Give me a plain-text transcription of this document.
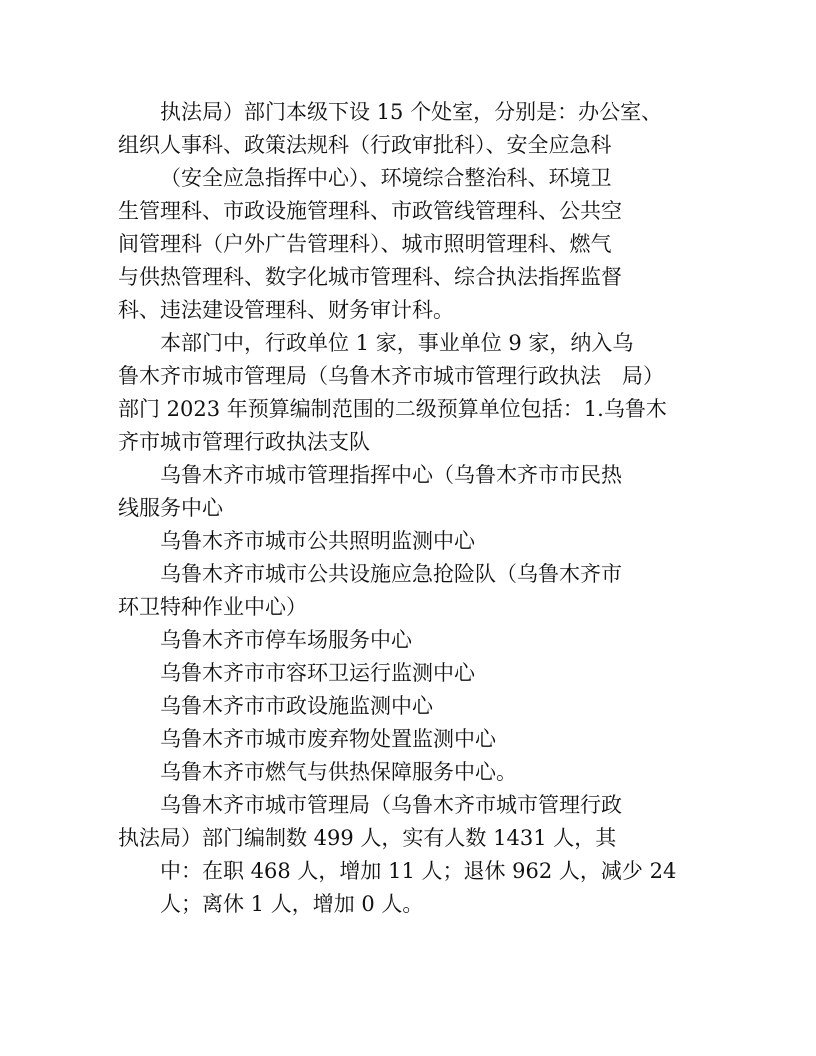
执法局）部门本级下设 15 个处室，分别是：办公室、
组织人事科、政策法规科（行政审批科）、安全应急科
（安全应急指挥中心）、环境综合整治科、环境卫
生管理科、市政设施管理科、市政管线管理科、公共空
间管理科（户外广告管理科）、城市照明管理科、燃气
与供热管理科、数字化城市管理科、综合执法指挥监督
科、违法建设管理科、财务审计科。
本部门中，行政单位 1 家，事业单位 9 家，纳入乌
鲁木齐市城市管理局（乌鲁木齐市城市管理行政执法　局）
部门 2023 年预算编制范围的二级预算单位包括：1.乌鲁木
齐市城市管理行政执法支队
乌鲁木齐市城市管理指挥中心（乌鲁木齐市市民热
线服务中心
乌鲁木齐市城市公共照明监测中心
乌鲁木齐市城市公共设施应急抢险队（乌鲁木齐市
环卫特种作业中心）
乌鲁木齐市停车场服务中心
乌鲁木齐市市容环卫运行监测中心
乌鲁木齐市市政设施监测中心
乌鲁木齐市城市废弃物处置监测中心
乌鲁木齐市燃气与供热保障服务中心。
乌鲁木齐市城市管理局（乌鲁木齐市城市管理行政
执法局）部门编制数 499 人，实有人数 1431 人，其
中：在职 468 人，增加 11 人；退休 962 人，减少 24
人；离休 1 人，增加 0 人。
